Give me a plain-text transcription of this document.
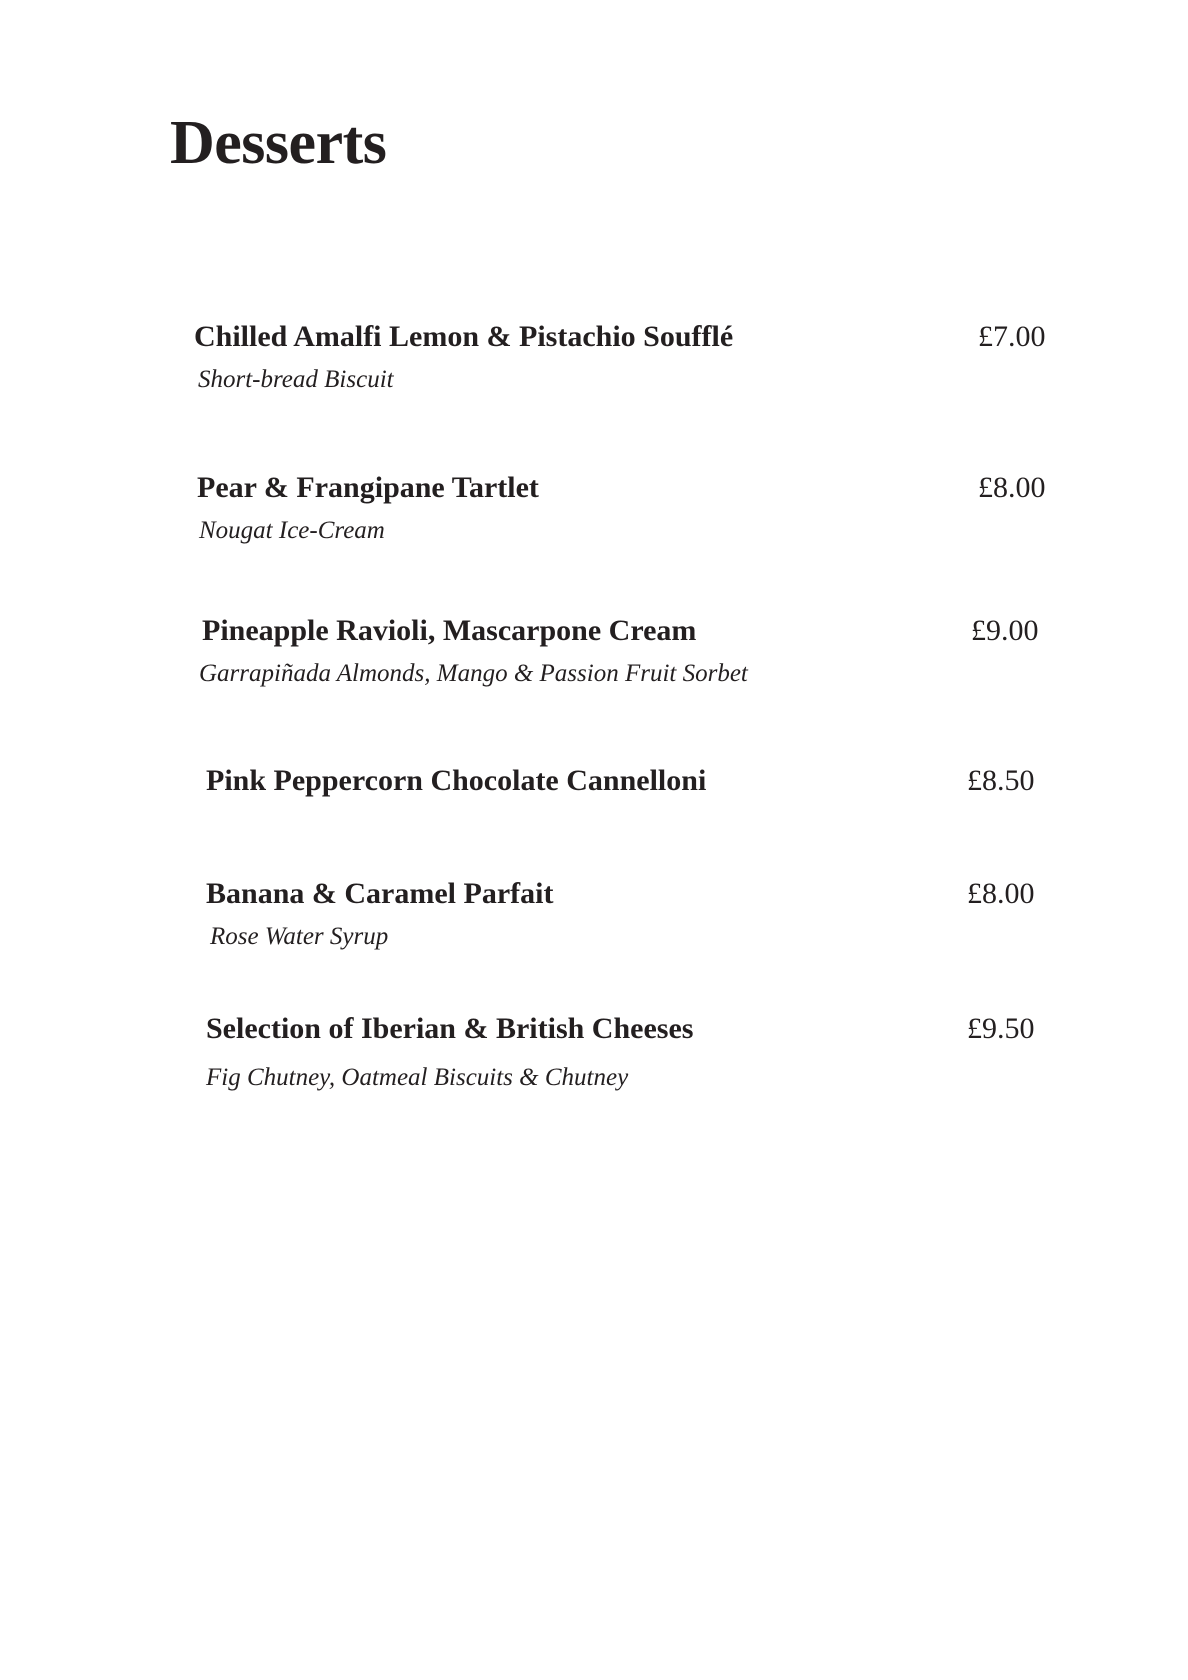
Desserts
Chilled Amalfi Lemon & Pistachio Soufflé
Short-bread Biscuit
£7.00
Pear & Frangipane Tartlet
Nougat Ice-Cream
£8.00
Pineapple Ravioli, Mascarpone Cream
Garrapiñada Almonds, Mango & Passion Fruit Sorbet
£9.00
Pink Peppercorn Chocolate Cannelloni	£8.50
Banana & Caramel Parfait
Rose Water Syrup
£8.00
Selection of Iberian & British Cheeses
Fig Chutney, Oatmeal Biscuits & Chutney
£9.50
